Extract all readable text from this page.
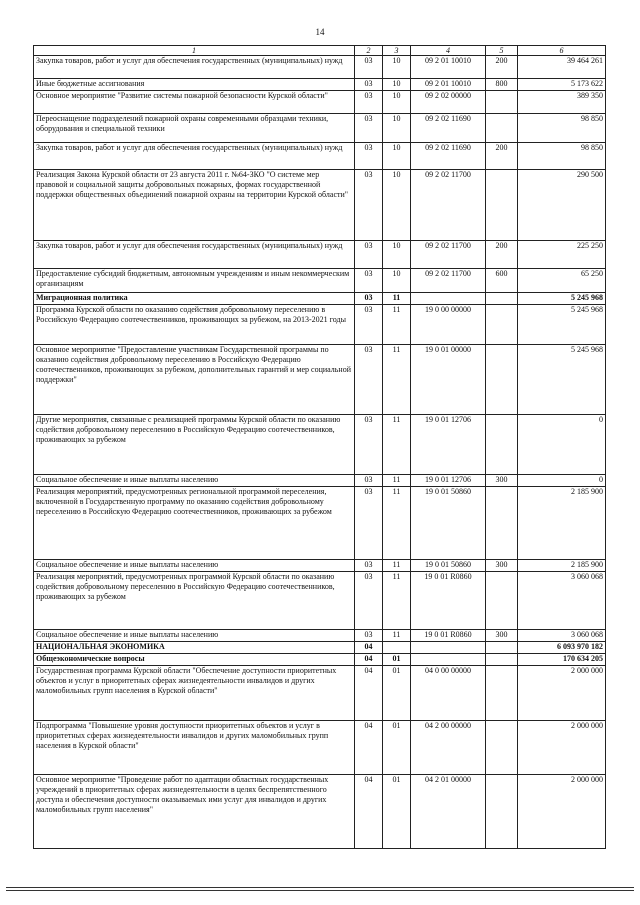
14
1	2	3	4	5	6
Закупка товаров, работ и услуг для обеспечения государственных (муниципальных) нужд	03	10	09 2 01 10010	200	39 464 261
Иные бюджетные ассигнования	03	10	09 2 01 10010	800	5 173 622
Основное мероприятие "Развитие системы пожарной безопасности Курской области"	03	10	09 2 02 00000		389 350
Переоснащение подразделений пожарной охраны современными образцами техники, оборудования и специальной техники	03	10	09 2 02 11690		98 850
Закупка товаров, работ и услуг для обеспечения государственных (муниципальных) нужд	03	10	09 2 02 11690	200	98 850
Реализация Закона Курской области от 23 августа 2011 г. №64-ЗКО "О системе мер правовой и социальной защиты добровольных пожарных, формах государственной поддержки общественных объединений пожарной охраны на территории Курской области"	03	10	09 2 02 11700		290 500
Закупка товаров, работ и услуг для обеспечения государственных (муниципальных) нужд	03	10	09 2 02 11700	200	225 250
Предоставление субсидий бюджетным, автономным учреждениям и иным некоммерческим организациям	03	10	09 2 02 11700	600	65 250
Миграционная политика	03	11			5 245 968
Программа Курской области по оказанию содействия добровольному переселению в Российскую Федерацию соотечественников, проживающих за рубежом, на 2013-2021 годы	03	11	19 0 00 00000		5 245 968
Основное мероприятие "Предоставление участникам Государственной программы по оказанию содействия добровольному переселению в Российскую Федерацию соотечественников, проживающих за рубежом, дополнительных гарантий и мер социальной поддержки"	03	11	19 0 01 00000		5 245 968
Другие мероприятия, связанные с реализацией программы Курской области по оказанию содействия добровольному переселению в Российскую Федерацию соотечественников, проживающих за рубежом	03	11	19 0 01 12706		0
Социальное обеспечение и иные выплаты населению	03	11	19 0 01 12706	300	0
Реализация мероприятий, предусмотренных региональной программой переселения, включенной в Государственную программу по оказанию содействия добровольному переселению в Российскую Федерацию соотечественников, проживающих за рубежом	03	11	19 0 01 50860		2 185 900
Социальное обеспечение и иные выплаты населению	03	11	19 0 01 50860	300	2 185 900
Реализация мероприятий, предусмотренных программой Курской области по оказанию содействия добровольному переселению в Российскую Федерацию соотечественников, проживающих за рубежом	03	11	19 0 01 R0860		3 060 068
Социальное обеспечение и иные выплаты населению	03	11	19 0 01 R0860	300	3 060 068
НАЦИОНАЛЬНАЯ ЭКОНОМИКА	04				6 093 970 182
Общеэкономические вопросы	04	01			170 634 205
Государственная программа Курской области "Обеспечение доступности приоритетных объектов и услуг в приоритетных сферах жизнедеятельности инвалидов и других маломобильных групп населения в Курской области"	04	01	04 0 00 00000		2 000 000
Подпрограмма "Повышение уровня доступности приоритетных объектов и услуг в приоритетных сферах жизнедеятельности инвалидов и других маломобильных групп населения в Курской области"	04	01	04 2 00 00000		2 000 000
Основное мероприятие "Проведение работ по адаптации областных государственных учреждений в приоритетных сферах жизнедеятельности в целях беспрепятственного доступа и обеспечения доступности оказываемых ими услуг для инвалидов и других маломобильных групп населения"	04	01	04 2 01 00000		2 000 000
